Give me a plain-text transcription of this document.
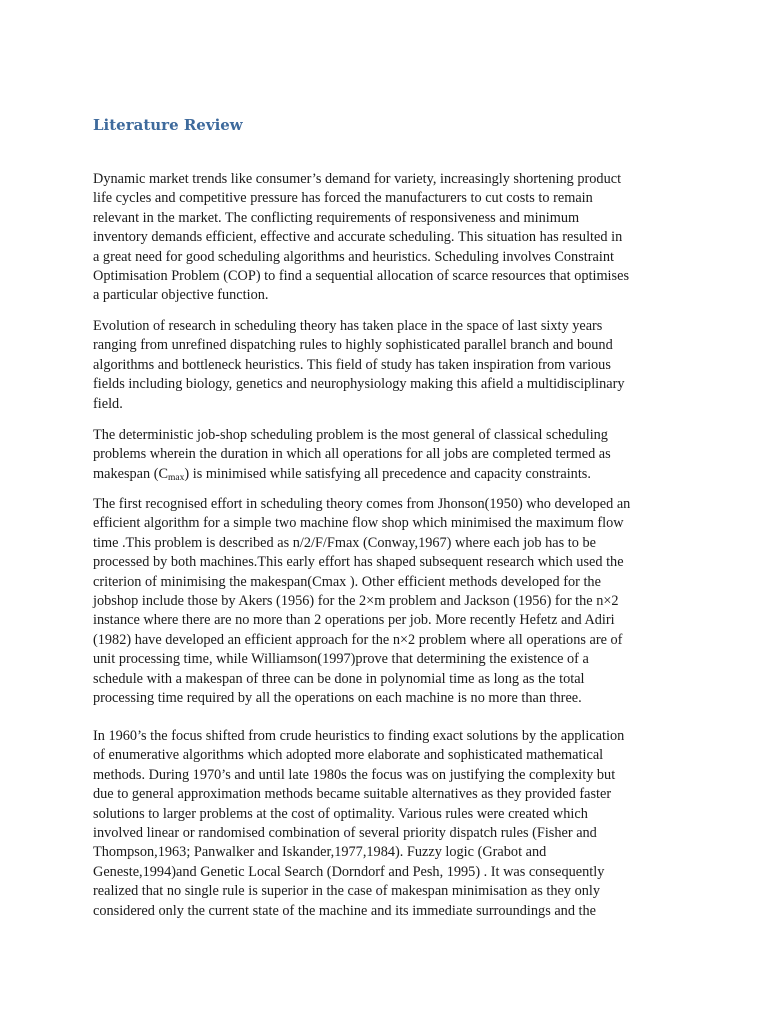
Literature Review
Dynamic market trends like consumer’s demand for variety, increasingly shortening product
life cycles and competitive pressure has forced the manufacturers to cut costs to remain
relevant in the market. The conflicting requirements of responsiveness and minimum
inventory demands efficient, effective and accurate scheduling. This situation has resulted in
a great need for good scheduling algorithms and heuristics. Scheduling involves Constraint
Optimisation Problem (COP) to find a sequential allocation of scarce resources that optimises
a particular objective function.
Evolution of research in scheduling theory has taken place in the space of last sixty years
ranging from unrefined dispatching rules to highly sophisticated parallel branch and bound
algorithms and bottleneck heuristics. This field of study has taken inspiration from various
fields including biology, genetics and neurophysiology making this afield a multidisciplinary
field.
The deterministic job-shop scheduling problem is the most general of classical scheduling
problems wherein the duration in which all operations for all jobs are completed termed as
makespan $(C_{max})$ is minimised while satisfying all precedence and capacity constraints.
The first recognised effort in scheduling theory comes from Jhonson(1950) who developed an
efficient algorithm for a simple two machine flow shop which minimised the maximum flow
time .This problem is described as n/2/F/Fmax (Conway,1967) where each job has to be
processed by both machines.This early effort has shaped subsequent research which used the
criterion of minimising the makespan(Cmax ). Other efficient methods developed for the
jobshop include those by Akers (1956) for the 2×m problem and Jackson (1956) for the n×2
instance where there are no more than 2 operations per job. More recently Hefetz and Adiri
(1982) have developed an efficient approach for the n×2 problem where all operations are of
unit processing time, while Williamson(1997)prove that determining the existence of a
schedule with a makespan of three can be done in polynomial time as long as the total
processing time required by all the operations on each machine is no more than three.
In 1960’s the focus shifted from crude heuristics to finding exact solutions by the application
of enumerative algorithms which adopted more elaborate and sophisticated mathematical
methods. During 1970’s and until late 1980s the focus was on justifying the complexity but
due to general approximation methods became suitable alternatives as they provided faster
solutions to larger problems at the cost of optimality. Various rules were created which
involved linear or randomised combination of several priority dispatch rules (Fisher and
Thompson,1963; Panwalker and Iskander,1977,1984). Fuzzy logic (Grabot and
Geneste,1994)and Genetic Local Search (Dorndorf and Pesh, 1995) . It was consequently
realized that no single rule is superior in the case of makespan minimisation as they only
considered only the current state of the machine and its immediate surroundings and the
